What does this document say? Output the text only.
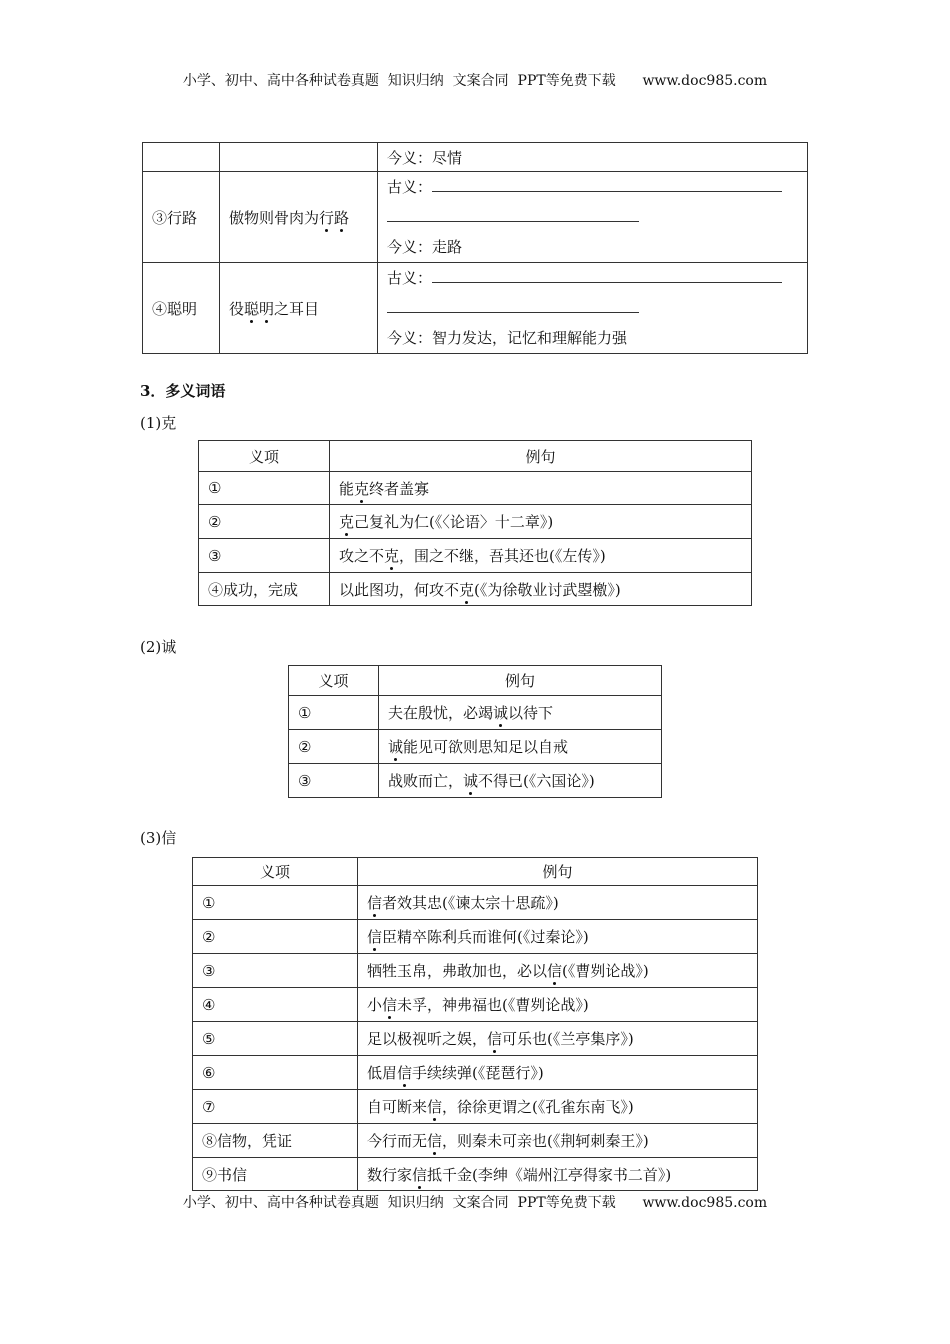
小学、初中、高中各种试卷真题  知识归纳  文案合同  PPT等免费下载      www.doc985.com
		今义：尽情
③行路	傲物则骨肉为行路	古义：
今义：走路

④聪明	役聪明之耳目	古义：
今义：智力发达，记忆和理解能力强
3．多义词语
(1)克
义项	例句
①	能克终者盖寡
②	克己复礼为仁(《〈论语〉十二章》)
③	攻之不克，围之不继，吾其还也(《左传》)
④成功，完成	以此图功，何攻不克(《为徐敬业讨武曌檄》)
(2)诚
义项	例句
①	夫在殷忧，必竭诚以待下
②	诚能见可欲则思知足以自戒
③	战败而亡，诚不得已(《六国论》)
(3)信
义项	例句
①	信者效其忠(《谏太宗十思疏》)
②	信臣精卒陈利兵而谁何(《过秦论》)
③	牺牲玉帛，弗敢加也，必以信(《曹刿论战》)
④	小信未孚，神弗福也(《曹刿论战》)
⑤	足以极视听之娱，信可乐也(《兰亭集序》)
⑥	低眉信手续续弹(《琵琶行》)
⑦	自可断来信，徐徐更谓之(《孔雀东南飞》)
⑧信物，凭证	今行而无信，则秦未可亲也(《荆轲刺秦王》)
⑨书信	数行家信抵千金(李绅《端州江亭得家书二首》)
小学、初中、高中各种试卷真题  知识归纳  文案合同  PPT等免费下载      www.doc985.com
